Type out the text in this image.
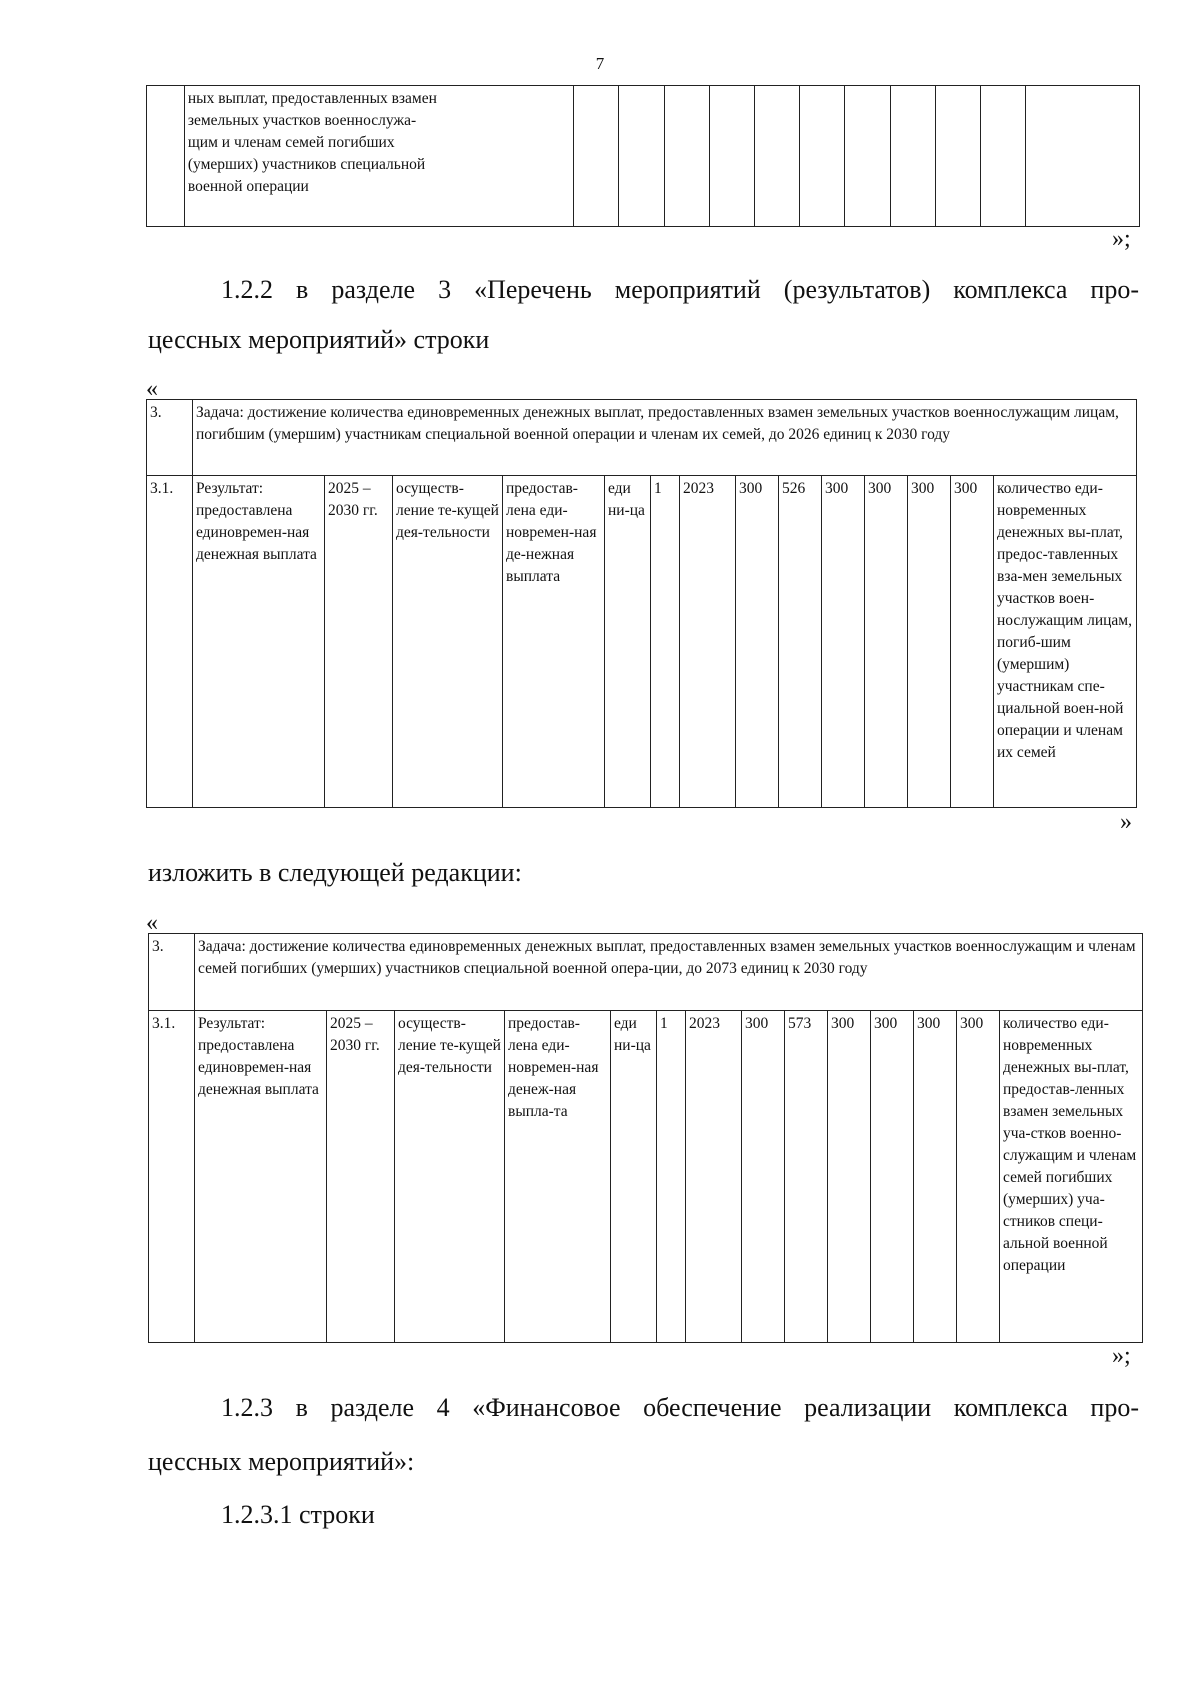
7

ных выплат, предоставленных взамен
земельных участков военнослужа-
щим и членам семей погибших
(умерших) участников специальной
военной операции

»;
1.2.2 в разделе 3 «Перечень мероприятий (результатов) комплекса про-
цессных мероприятий» строки
«
3.	Задача: достижение количества единовременных денежных выплат, предоставленных взамен земельных участков военнослужащим лицам, погибшим (умершим) участникам специальной военной операции и членам их семей, до 2026 единиц к 2030 году													
3.1.	Результат: предоставлена единовремен-ная денежная выплата	2025 – 2030 гг.	осуществ-ление те-кущей дея-тельности	предостав-лена еди-новремен-ная де-нежная выплата	еди ни-ца	1	2023	300	526	300	300	300	300	количество еди-новременных денежных вы-плат, предос-тавленных вза-мен земельных участков воен-нослужащим лицам, погиб-шим (умершим) участникам спе-циальной воен-ной операции и членам их семей
»
изложить в следующей редакции:
«
3.	Задача: достижение количества единовременных денежных выплат, предоставленных взамен земельных участков военнослужащим и членам семей погибших (умерших) участников специальной военной опера-ции, до 2073 единиц к 2030 году													
3.1.	Результат: предоставлена единовремен-ная денежная выплата	2025 – 2030 гг.	осуществ-ление те-кущей дея-тельности	предостав-лена еди-новремен-ная денеж-ная выпла-та	еди ни-ца	1	2023	300	573	300	300	300	300	количество еди-новременных денежных вы-плат, предостав-ленных взамен земельных уча-стков военно-служащим и членам семей погибших (умерших) уча-стников специ-альной военной операции
»;
1.2.3 в разделе 4 «Финансовое обеспечение реализации комплекса про-
цессных мероприятий»:
1.2.3.1 строки
